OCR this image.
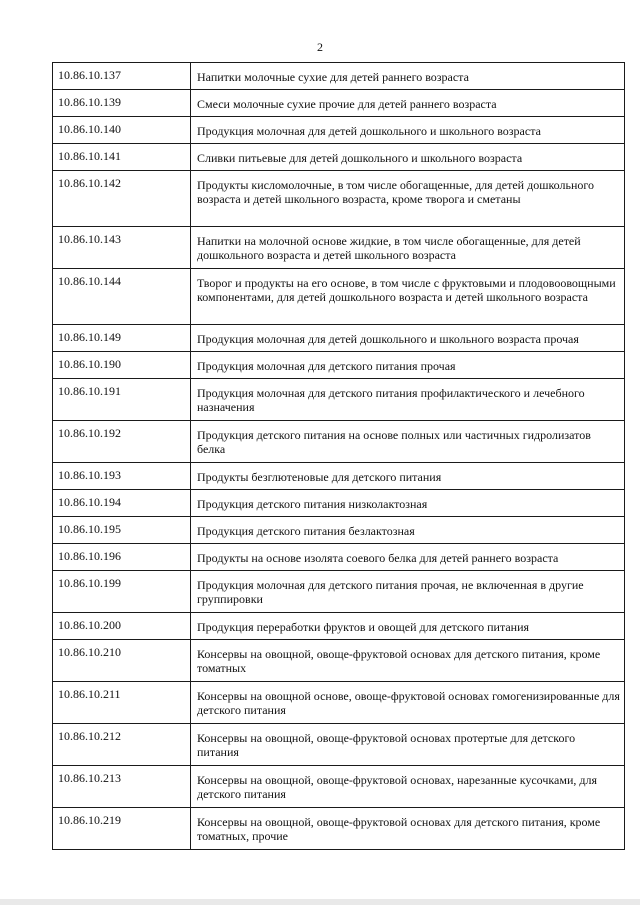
2
10.86.10.137	Напитки молочные сухие для детей раннего возраста
10.86.10.139	Смеси молочные сухие прочие для детей раннего возраста
10.86.10.140	Продукция молочная для детей дошкольного и школьного возраста
10.86.10.141	Сливки питьевые для детей дошкольного и школьного возраста
10.86.10.142	Продукты кисломолочные, в том числе обогащенные, для детей дошкольного возраста и детей школьного возраста, кроме творога и сметаны
10.86.10.143	Напитки на молочной основе жидкие, в том числе обогащенные, для детей дошкольного возраста и детей школьного возраста
10.86.10.144	Творог и продукты на его основе, в том числе с фруктовыми и плодовоовощными компонентами, для детей дошкольного возраста и детей школьного возраста
10.86.10.149	Продукция молочная для детей дошкольного и школьного возраста прочая
10.86.10.190	Продукция молочная для детского питания прочая
10.86.10.191	Продукция молочная для детского питания профилактического и лечебного назначения
10.86.10.192	Продукция детского питания на основе полных или частичных гидролизатов белка
10.86.10.193	Продукты безглютеновые для детского питания
10.86.10.194	Продукция детского питания низколактозная
10.86.10.195	Продукция детского питания безлактозная
10.86.10.196	Продукты на основе изолята соевого белка для детей раннего возраста
10.86.10.199	Продукция молочная для детского питания прочая, не включенная в другие группировки
10.86.10.200	Продукция переработки фруктов и овощей для детского питания
10.86.10.210	Консервы на овощной, овоще-фруктовой основах для детского питания, кроме томатных
10.86.10.211	Консервы на овощной основе, овоще-фруктовой основах гомогенизированные для детского питания
10.86.10.212	Консервы на овощной, овоще-фруктовой основах протертые для детского питания
10.86.10.213	Консервы на овощной, овоще-фруктовой основах, нарезанные кусочками, для детского питания
10.86.10.219	Консервы на овощной, овоще-фруктовой основах для детского питания, кроме томатных, прочие
